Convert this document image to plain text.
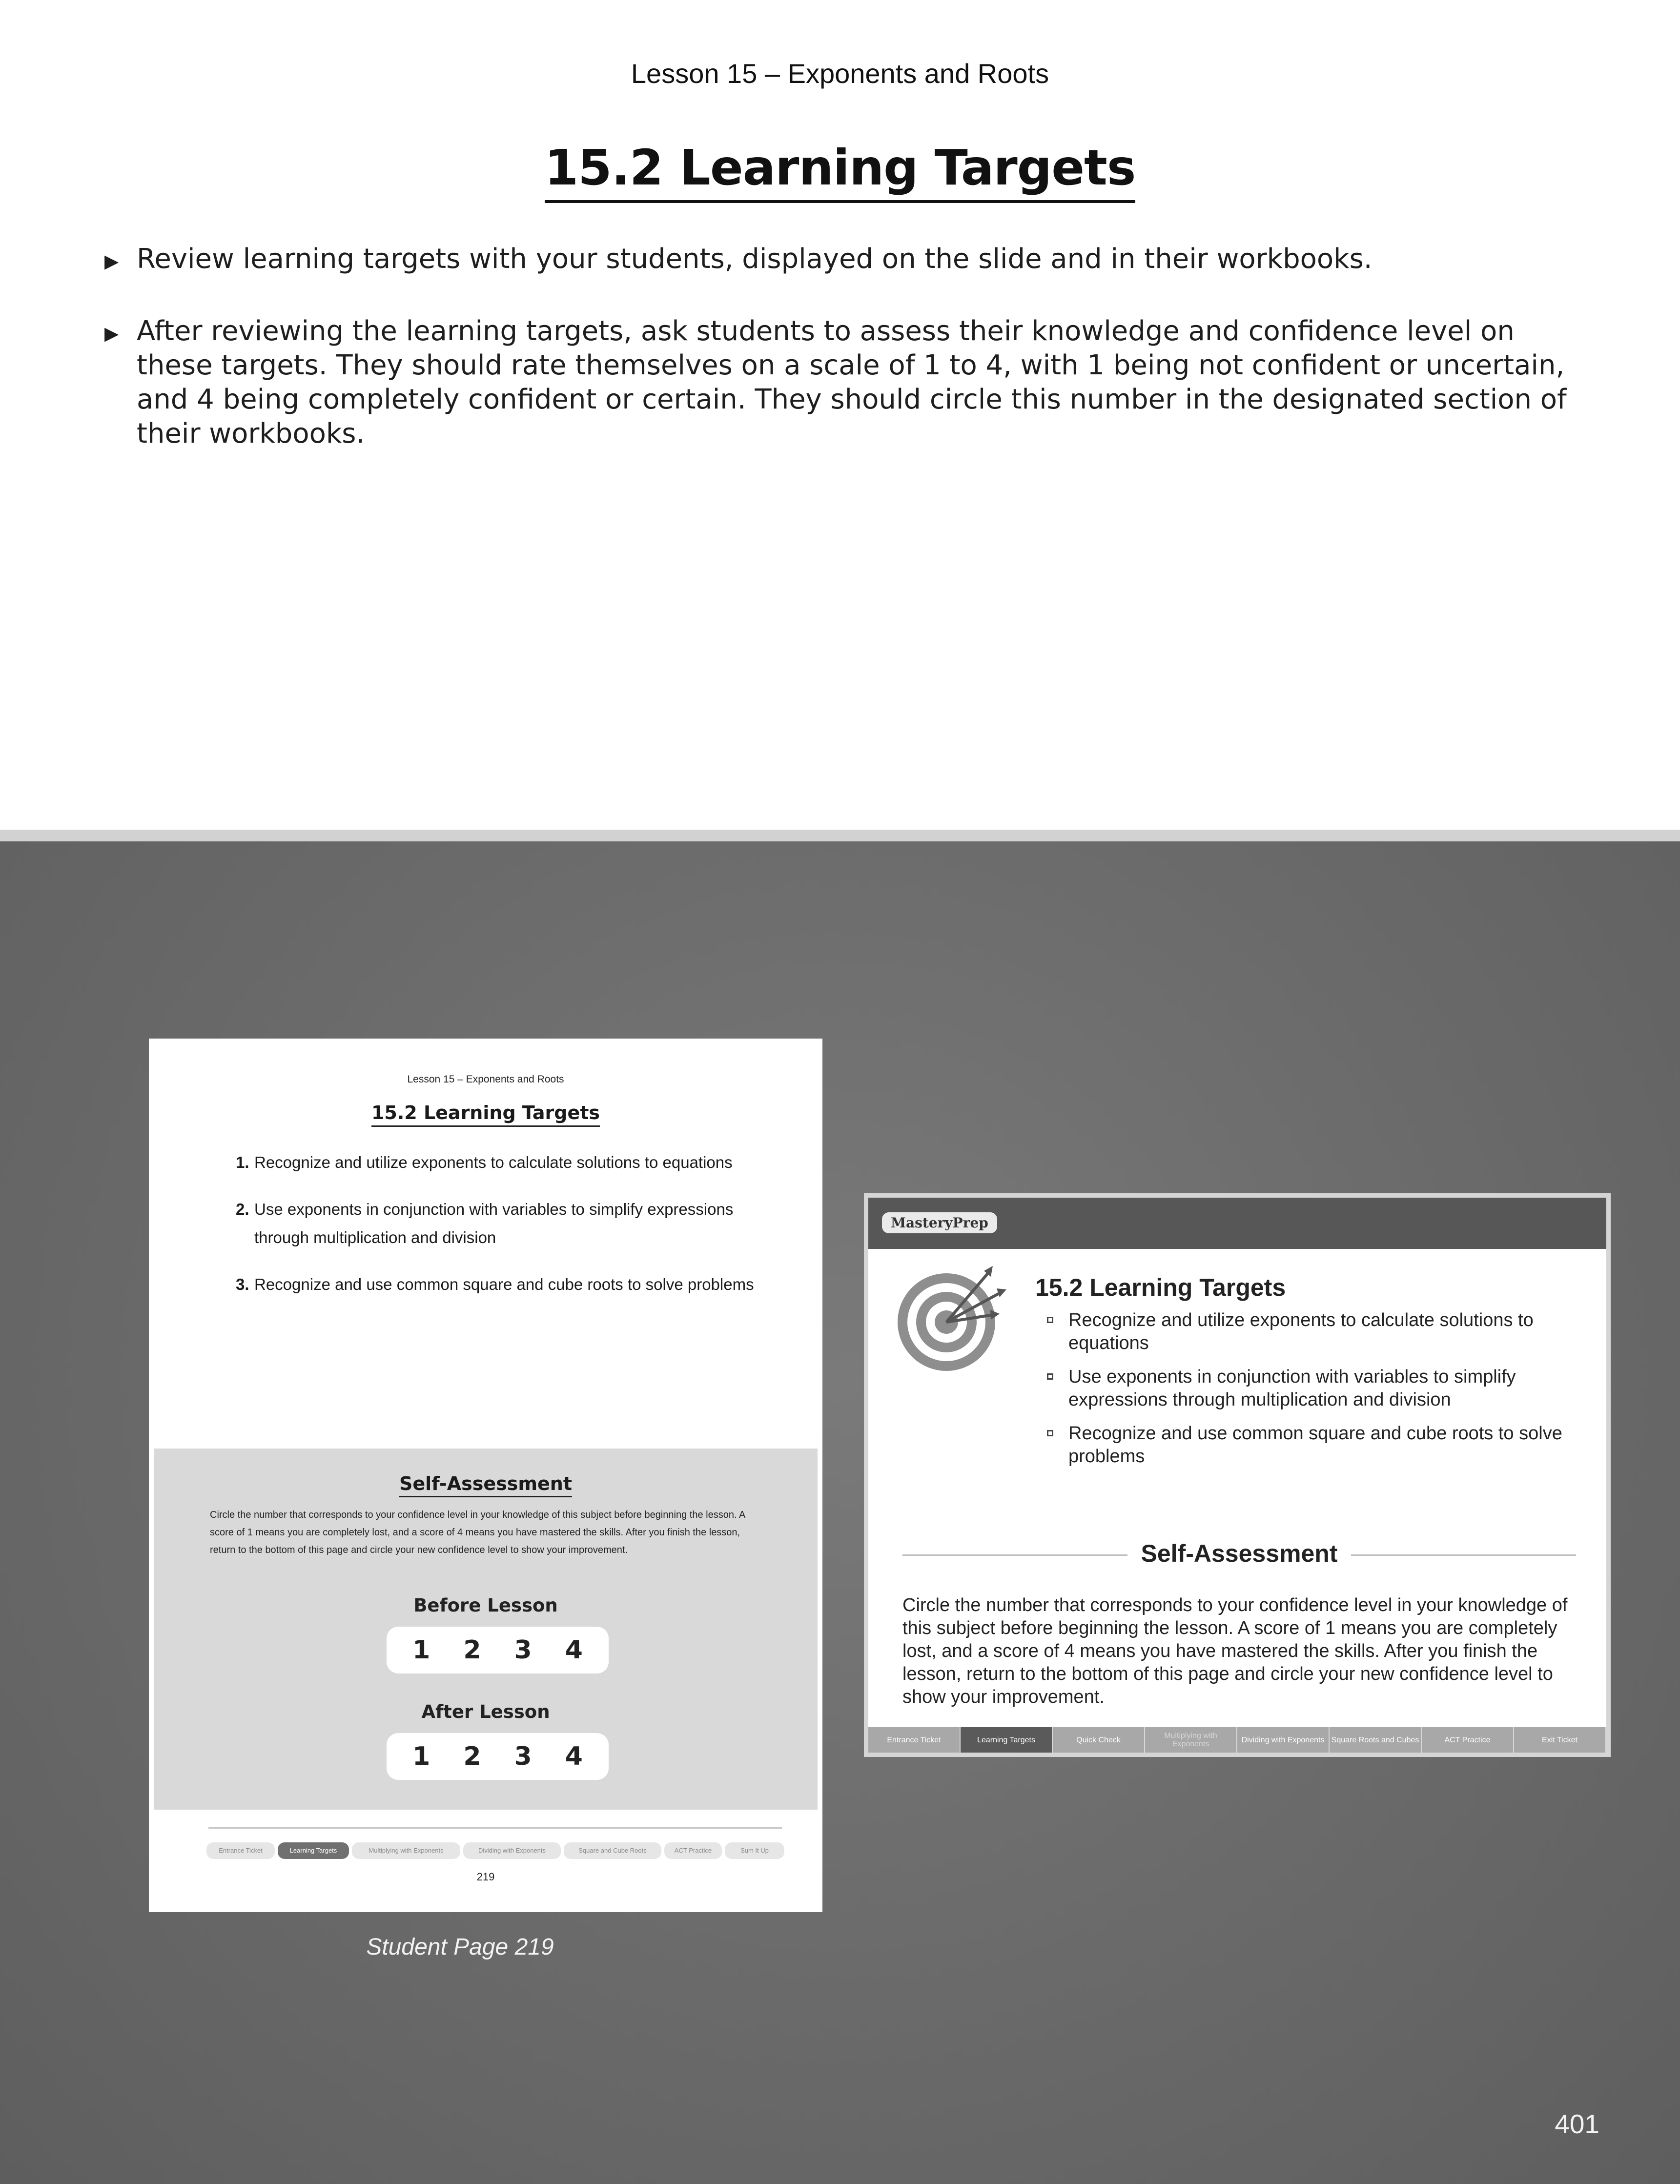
Lesson 15 – Exponents and Roots
15.2 Learning Targets
▶ Review learning targets with your students, displayed on the slide and in their workbooks.
▶ After reviewing the learning targets, ask students to assess their knowledge and confidence level on these targets. They should rate themselves on a scale of 1 to 4, with 1 being not confident or uncertain, and 4 being completely confident or certain. They should circle this number in the designated section of their workbooks.
Lesson 15 – Exponents and Roots
15.2 Learning Targets
1. Recognize and utilize exponents to calculate solutions to equations
2. Use exponents in conjunction with variables to simplify expressions through multiplication and division
3. Recognize and use common square and cube roots to solve problems
Self-Assessment
Circle the number that corresponds to your confidence level in your knowledge of this subject before beginning the lesson. A score of 1 means you are completely lost, and a score of 4 means you have mastered the skills. After you finish the lesson, return to the bottom of this page and circle your new confidence level to show your improvement.
Before Lesson
1 2 3 4
After Lesson
1 2 3 4
Entrance Ticket	Learning Targets	Multiplying with Exponents	Dividing with Exponents	Square and Cube Roots	ACT Practice	Sum It Up
219
Student Page 219
MasteryPrep
15.2 Learning Targets
Recognize and utilize exponents to calculate solutions to equations
Use exponents in conjunction with variables to simplify expressions through multiplication and division
Recognize and use common square and cube roots to solve problems
Self-Assessment
Circle the number that corresponds to your confidence level in your knowledge of this subject before beginning the lesson. A score of 1 means you are completely lost, and a score of 4 means you have mastered the skills. After you finish the lesson, return to the bottom of this page and circle your new confidence level to show your improvement.
Entrance Ticket	Learning Targets	Quick Check	Multiplying with Exponents	Dividing with Exponents Square Roots and Cubes	ACT Practice	Exit Ticket
401
